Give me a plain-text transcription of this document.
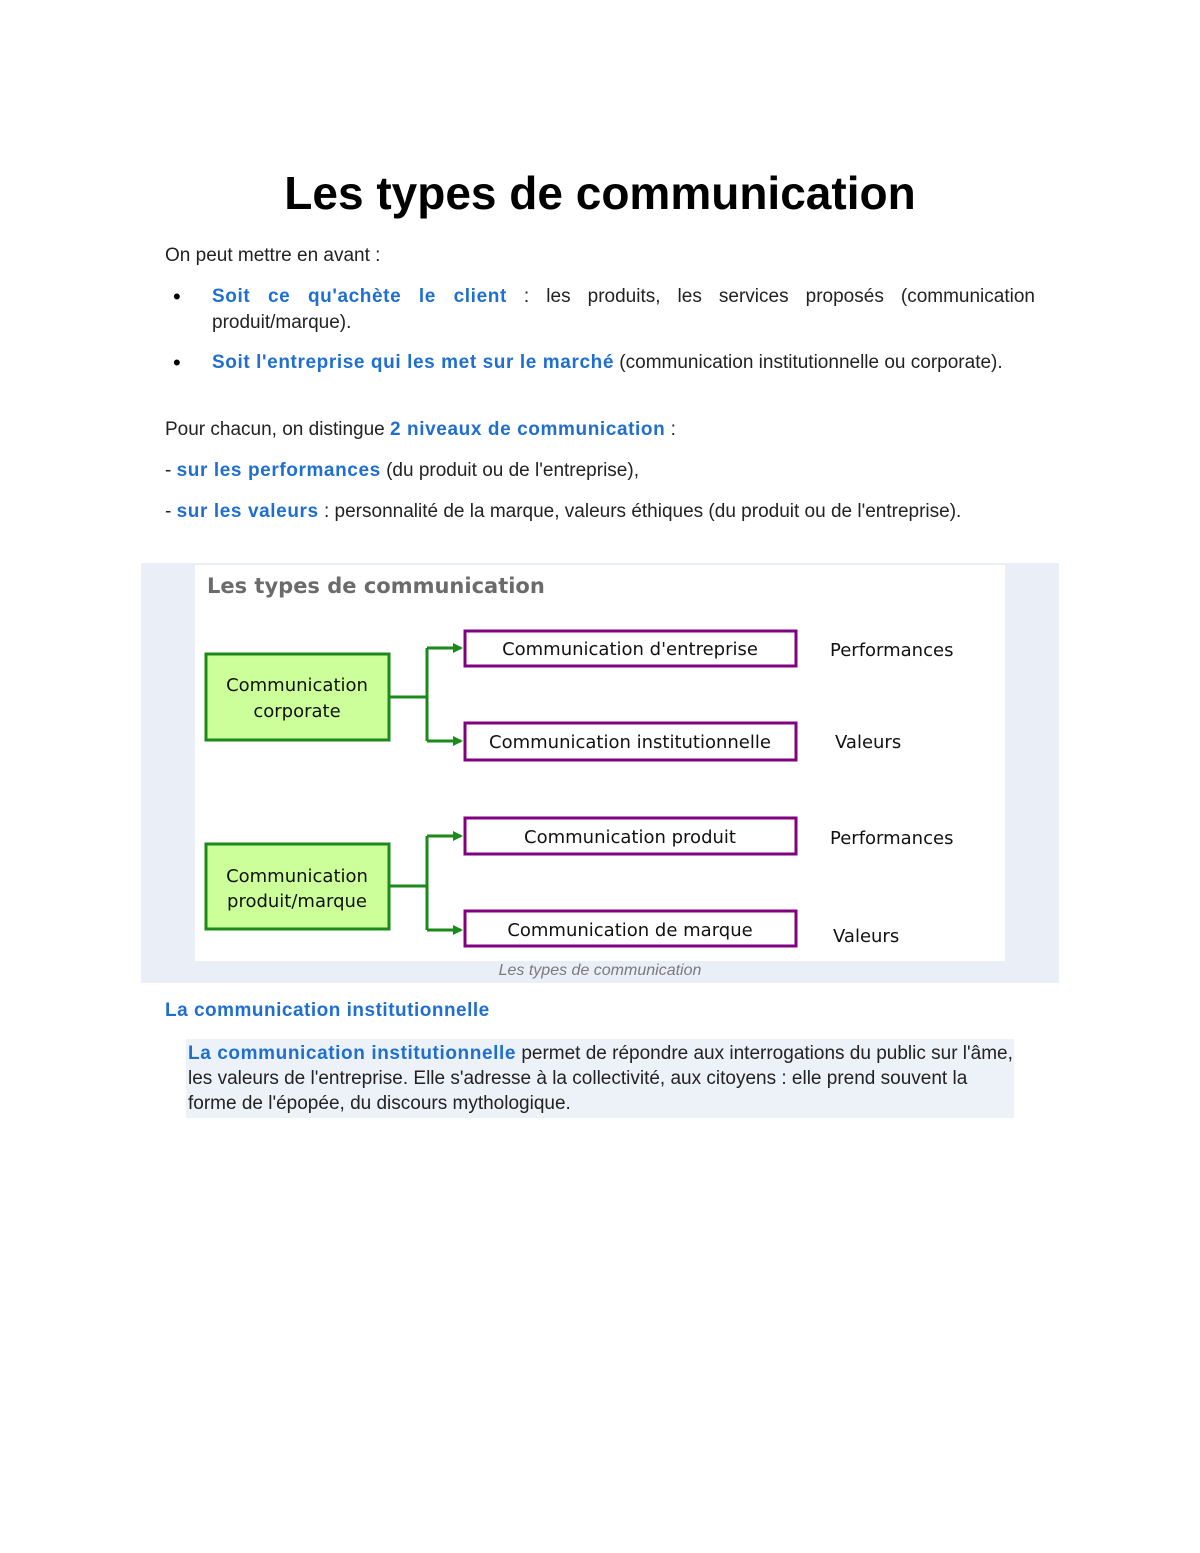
Les types de communication

On peut mettre en avant :

• Soit ce qu'achète le client : les produits, les services proposés (communication produit/marque).
• Soit l'entreprise qui les met sur le marché (communication institutionnelle ou corporate).

Pour chacun, on distingue 2 niveaux de communication :

- sur les performances (du produit ou de l'entreprise),

- sur les valeurs : personnalité de la marque, valeurs éthiques (du produit ou de l'entreprise).

Les types de communication
Communication
corporate
Communication d'entreprise
Communication institutionnelle
Performances
Valeurs
Communication
produit/marque
Communication produit
Communication de marque
Performances
Valeurs
Les types de communication
La communication institutionnelle
La communication institutionnelle permet de répondre aux interrogations du public sur l'âme, les valeurs de l'entreprise. Elle s'adresse à la collectivité, aux citoyens : elle prend souvent la forme de l'épopée, du discours mythologique.
